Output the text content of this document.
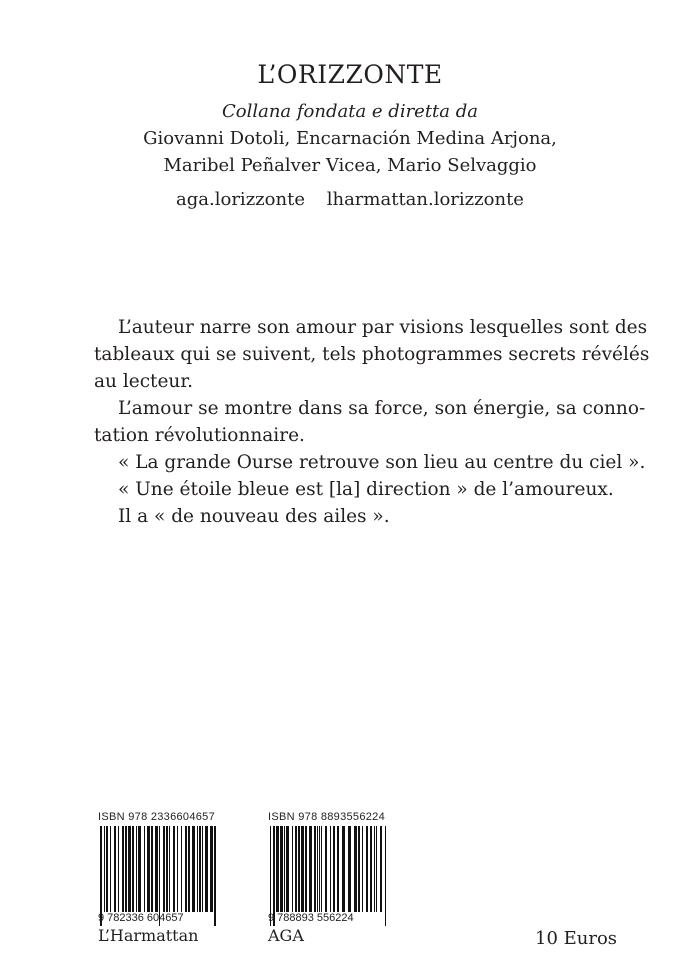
L’ORIZZONTE
Collana fondata e diretta da
Giovanni Dotoli, Encarnación Medina Arjona,
Maribel Peñalver Vicea, Mario Selvaggio
aga.lorizzonte lharmattan.lorizzonte
L’auteur narre son amour par visions lesquelles sont des
tableaux qui se suivent, tels photogrammes secrets révélés
au lecteur.
L’amour se montre dans sa force, son énergie, sa conno-
tation révolutionnaire.
« La grande Ourse retrouve son lieu au centre du ciel ».
« Une étoile bleue est [la] direction » de l’amoureux.
Il a « de nouveau des ailes ».
ISBN 978 2336604657
9 782336 604657
L’Harmattan
ISBN 978 8893556224
9 788893 556224
AGA	10 Euros
